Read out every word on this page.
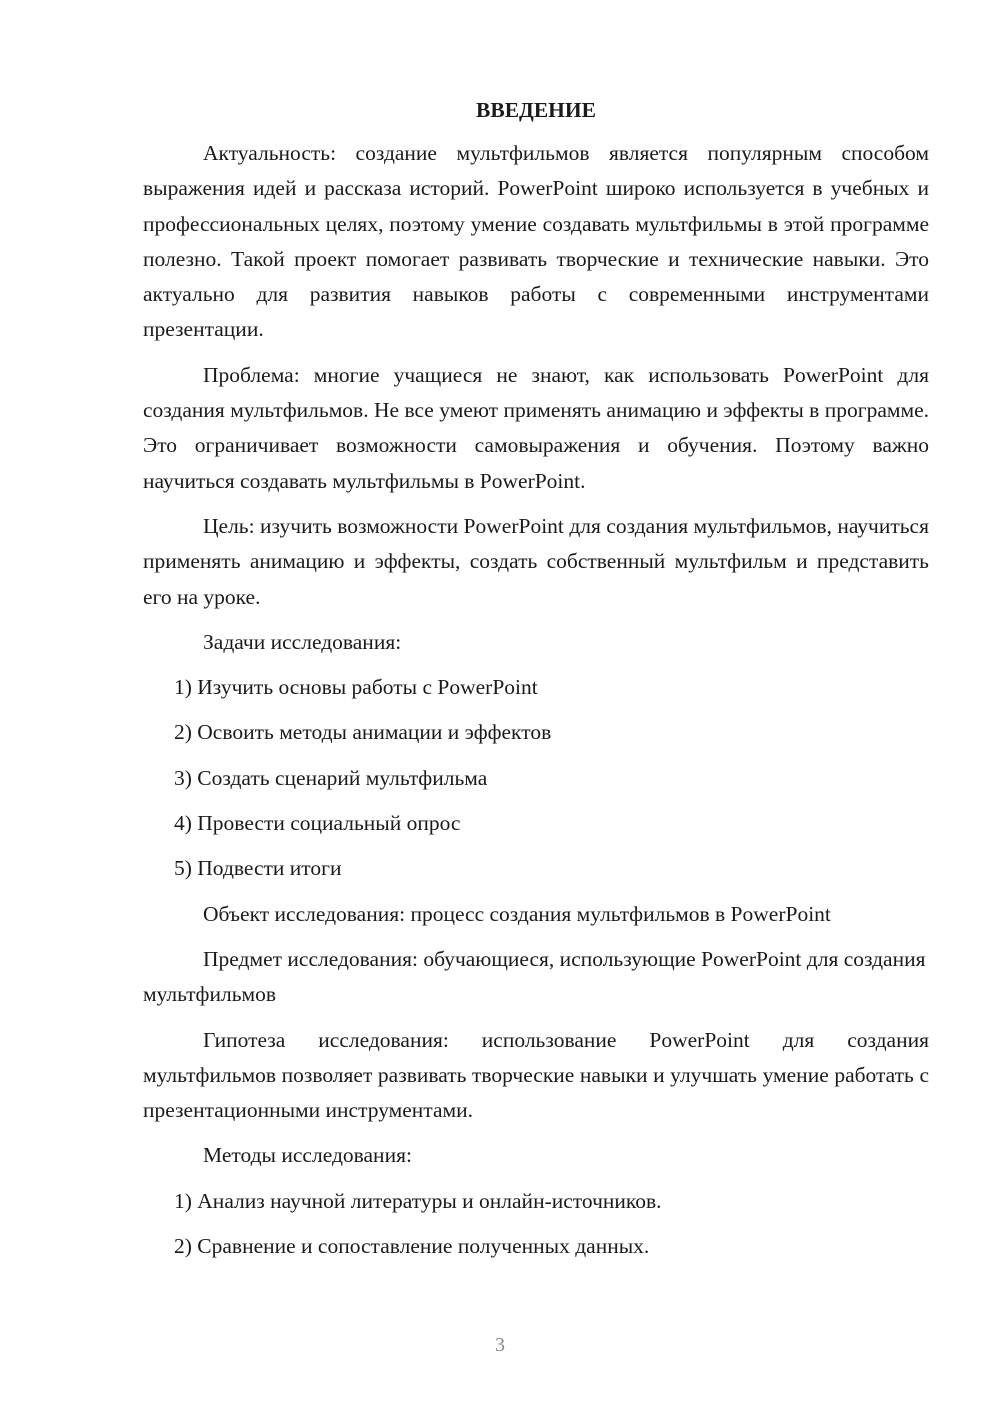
ВВЕДЕНИЕ

Актуальность: создание мультфильмов является популярным способом выражения идей и рассказа историй. PowerPoint широко используется в учебных и профессиональных целях, поэтому умение создавать мультфильмы в этой программе полезно. Такой проект помогает развивать творческие и технические навыки. Это актуально для развития навыков работы с современными инструментами презентации.

Проблема: многие учащиеся не знают, как использовать PowerPoint для создания мультфильмов. Не все умеют применять анимацию и эффекты в программе. Это ограничивает возможности самовыражения и обучения. Поэтому важно научиться создавать мультфильмы в PowerPoint.

Цель: изучить возможности PowerPoint для создания мультфильмов, научиться применять анимацию и эффекты, создать собственный мультфильм и представить его на уроке.

Задачи исследования:

1) Изучить основы работы с PowerPoint
2) Освоить методы анимации и эффектов
3) Создать сценарий мультфильма
4) Провести социальный опрос
5) Подвести итоги

Объект исследования: процесс создания мультфильмов в PowerPoint

Предмет исследования: обучающиеся, использующие PowerPoint для создания мультфильмов

Гипотеза исследования: использование PowerPoint для создания мультфильмов позволяет развивать творческие навыки и улучшать умение работать с презентационными инструментами.

Методы исследования:

1) Анализ научной литературы и онлайн-источников.
2) Сравнение и сопоставление полученных данных.
3
